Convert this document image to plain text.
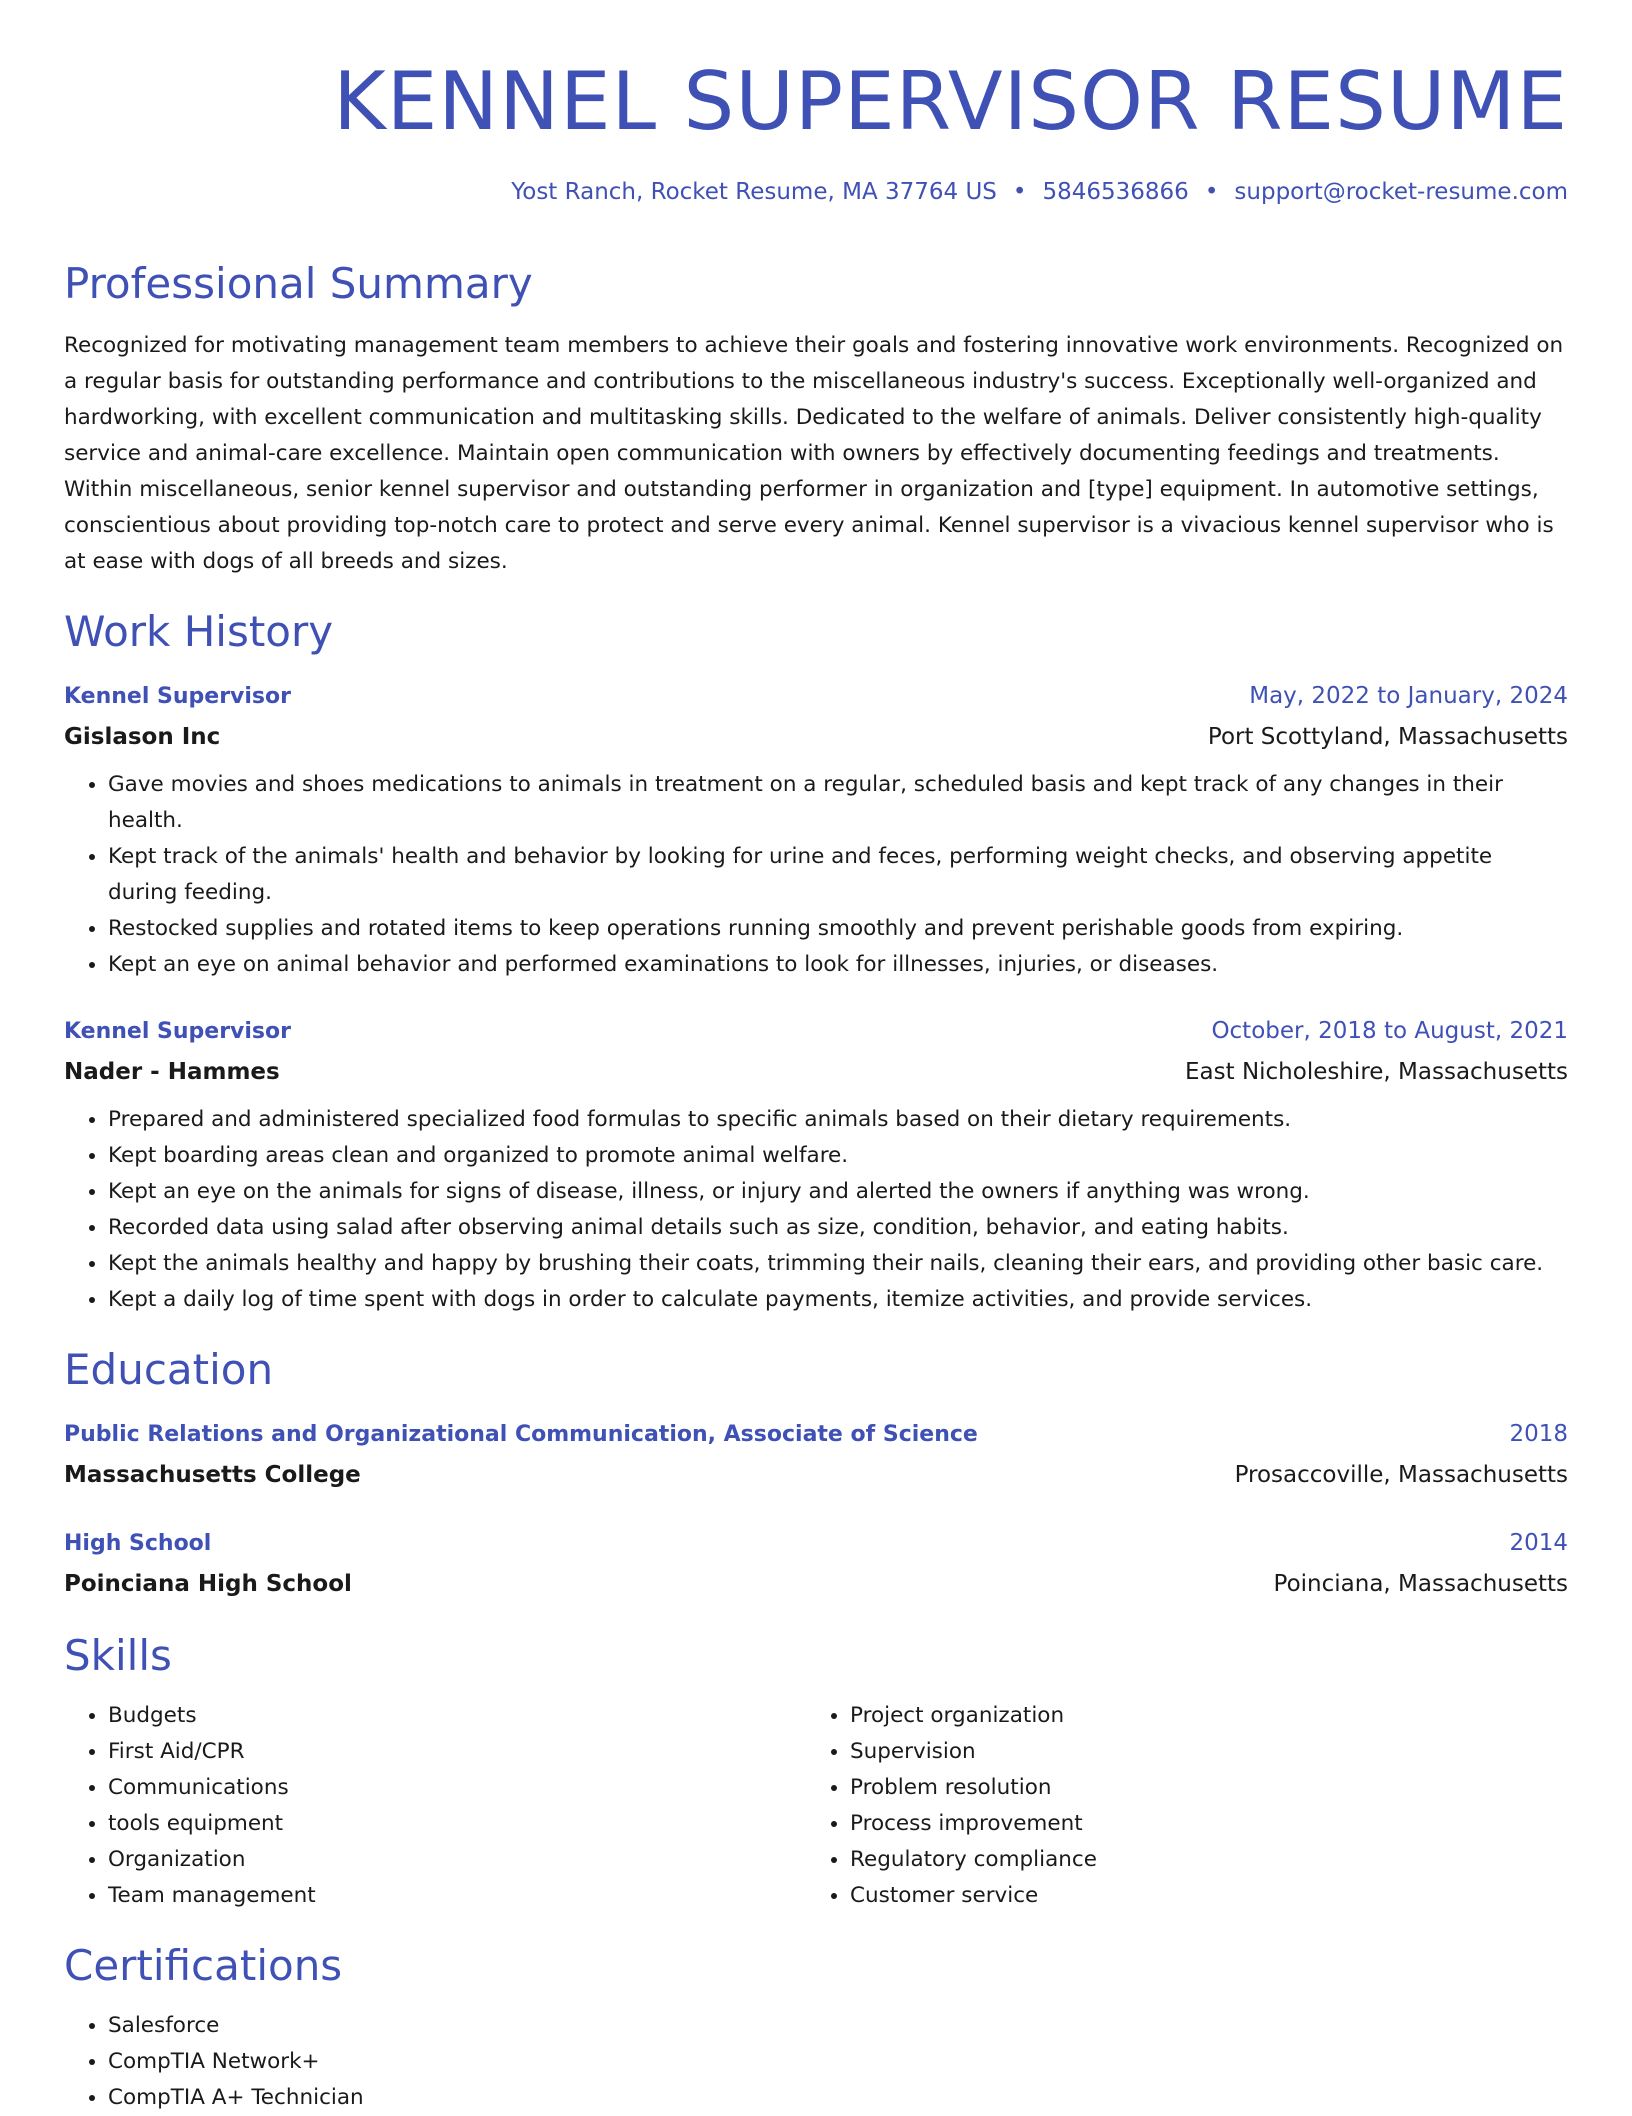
KENNEL SUPERVISOR RESUME
Yost Ranch, Rocket Resume, MA 37764 US • 5846536866 • support@rocket-resume.com
Professional Summary

Recognized for motivating management team members to achieve their goals and fostering innovative work environments. Recognized on a regular basis for outstanding performance and contributions to the miscellaneous industry's success. Exceptionally well-organized and hardworking, with excellent communication and multitasking skills. Dedicated to the welfare of animals. Deliver consistently high-quality service and animal-care excellence. Maintain open communication with owners by effectively documenting feedings and treatments. Within miscellaneous, senior kennel supervisor and outstanding performer in organization and [type] equipment. In automotive settings, conscientious about providing top-notch care to protect and serve every animal. Kennel supervisor is a vivacious kennel supervisor who is at ease with dogs of all breeds and sizes.

Work History
Kennel Supervisor	May, 2022 to January, 2024
Gislason Inc	Port Scottyland, Massachusetts
• Gave movies and shoes medications to animals in treatment on a regular, scheduled basis and kept track of any changes in their health.
• Kept track of the animals' health and behavior by looking for urine and feces, performing weight checks, and observing appetite during feeding.
• Restocked supplies and rotated items to keep operations running smoothly and prevent perishable goods from expiring.
• Kept an eye on animal behavior and performed examinations to look for illnesses, injuries, or diseases.
Kennel Supervisor	October, 2018 to August, 2021
Nader - Hammes	East Nicholeshire, Massachusetts
• Prepared and administered specialized food formulas to specific animals based on their dietary requirements.
• Kept boarding areas clean and organized to promote animal welfare.
• Kept an eye on the animals for signs of disease, illness, or injury and alerted the owners if anything was wrong.
• Recorded data using salad after observing animal details such as size, condition, behavior, and eating habits.
• Kept the animals healthy and happy by brushing their coats, trimming their nails, cleaning their ears, and providing other basic care.
• Kept a daily log of time spent with dogs in order to calculate payments, itemize activities, and provide services.
Education
Public Relations and Organizational Communication, Associate of Science	2018
Massachusetts College	Prosaccoville, Massachusetts
High School	2014
Poinciana High School	Poinciana, Massachusetts
Skills
• Budgets
• First Aid/CPR
• Communications
• tools equipment
• Organization
• Team management
• Project organization
• Supervision
• Problem resolution
• Process improvement
• Regulatory compliance
• Customer service
Certifications
• Salesforce
• CompTIA Network+
• CompTIA A+ Technician
